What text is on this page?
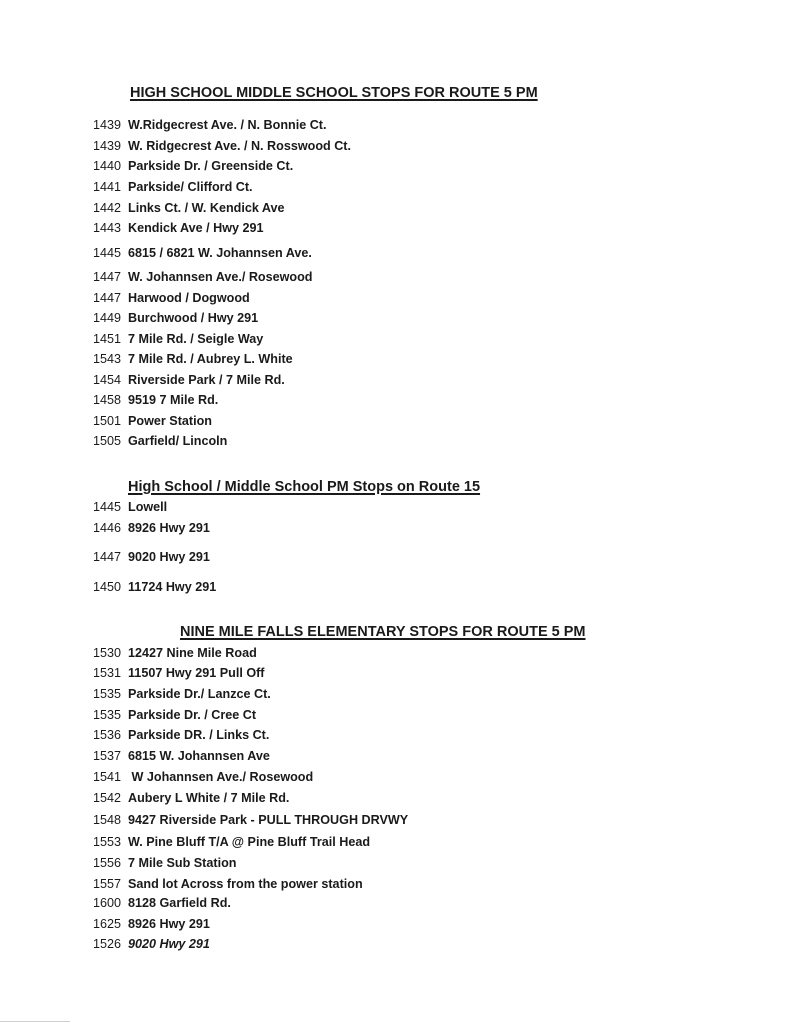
HIGH SCHOOL MIDDLE SCHOOL STOPS FOR ROUTE 5 PM
1439 W.Ridgecrest Ave. / N. Bonnie Ct.
1439 W. Ridgecrest Ave. / N. Rosswood Ct.
1440 Parkside Dr. / Greenside Ct.
1441 Parkside/ Clifford Ct.
1442 Links Ct. / W. Kendick Ave
1443 Kendick Ave / Hwy 291
1445 6815 / 6821 W. Johannsen Ave.
1447 W. Johannsen Ave./ Rosewood
1447 Harwood / Dogwood
1449 Burchwood / Hwy 291
1451 7 Mile Rd. / Seigle Way
1543 7 Mile Rd. / Aubrey L. White
1454 Riverside Park / 7 Mile Rd.
1458 9519 7 Mile Rd.
1501 Power Station
1505 Garfield/ Lincoln
High School / Middle School PM Stops on Route 15
1445 Lowell
1446 8926 Hwy 291
1447 9020 Hwy 291
1450 11724 Hwy 291
NINE MILE FALLS ELEMENTARY STOPS FOR ROUTE 5 PM
1530 12427 Nine Mile Road
1531 11507 Hwy 291 Pull Off
1535 Parkside Dr./ Lanzce Ct.
1535 Parkside Dr. / Cree Ct
1536 Parkside DR. / Links Ct.
1537 6815 W. Johannsen Ave
1541 W Johannsen Ave./ Rosewood
1542 Aubery L White / 7 Mile Rd.
1548 9427 Riverside Park - PULL THROUGH DRVWY
1553 W. Pine Bluff T/A @ Pine Bluff Trail Head
1556 7 Mile Sub Station
1557 Sand lot Across from the power station
1600 8128 Garfield Rd.
1625 8926 Hwy 291
1526 9020 Hwy 291
